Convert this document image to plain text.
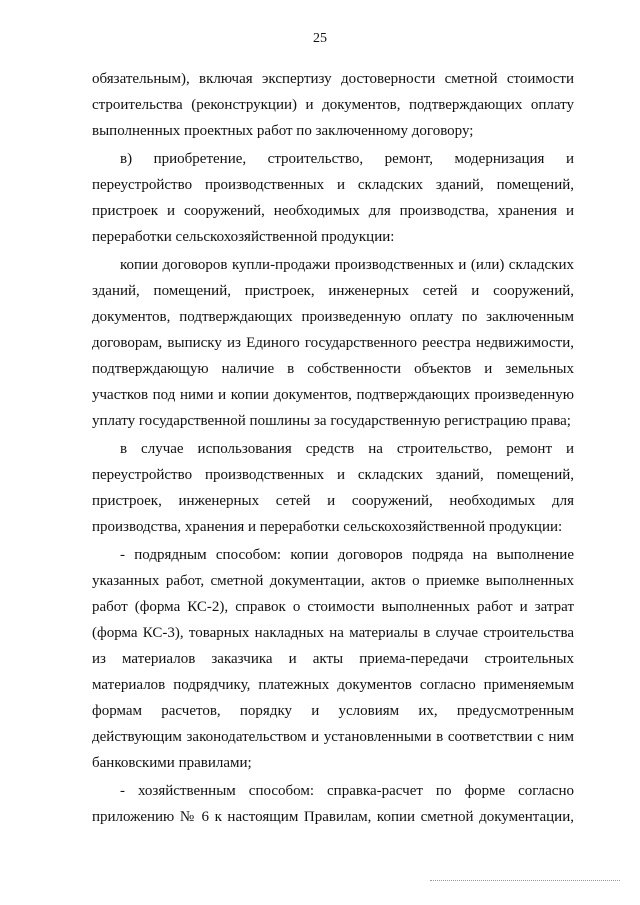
25

обязательным), включая экспертизу достоверности сметной стоимости строительства (реконструкции) и документов, подтверждающих оплату выполненных проектных работ по заключенному договору;

в) приобретение, строительство, ремонт, модернизация и переустройство производственных и складских зданий, помещений, пристроек и сооружений, необходимых для производства, хранения и переработки сельскохозяйственной продукции:

копии договоров купли-продажи производственных и (или) складских зданий, помещений, пристроек, инженерных сетей и сооружений, документов, подтверждающих произведенную оплату по заключенным договорам, выписку из Единого государственного реестра недвижимости, подтверждающую наличие в собственности объектов и земельных участков под ними и копии документов, подтверждающих произведенную уплату государственной пошлины за государственную регистрацию права;

в случае использования средств на строительство, ремонт и переустройство производственных и складских зданий, помещений, пристроек, инженерных сетей и сооружений, необходимых для производства, хранения и переработки сельскохозяйственной продукции:

- подрядным способом: копии договоров подряда на выполнение указанных работ, сметной документации, актов о приемке выполненных работ (форма КС-2), справок о стоимости выполненных работ и затрат (форма КС-3), товарных накладных на материалы в случае строительства из материалов заказчика и акты приема-передачи строительных материалов подрядчику, платежных документов согласно применяемым формам расчетов, порядку и условиям их, предусмотренным действующим законодательством и установленными в соответствии с ним банковскими правилами;

- хозяйственным способом: справка-расчет по форме согласно приложению № 6 к настоящим Правилам, копии сметной документации,
